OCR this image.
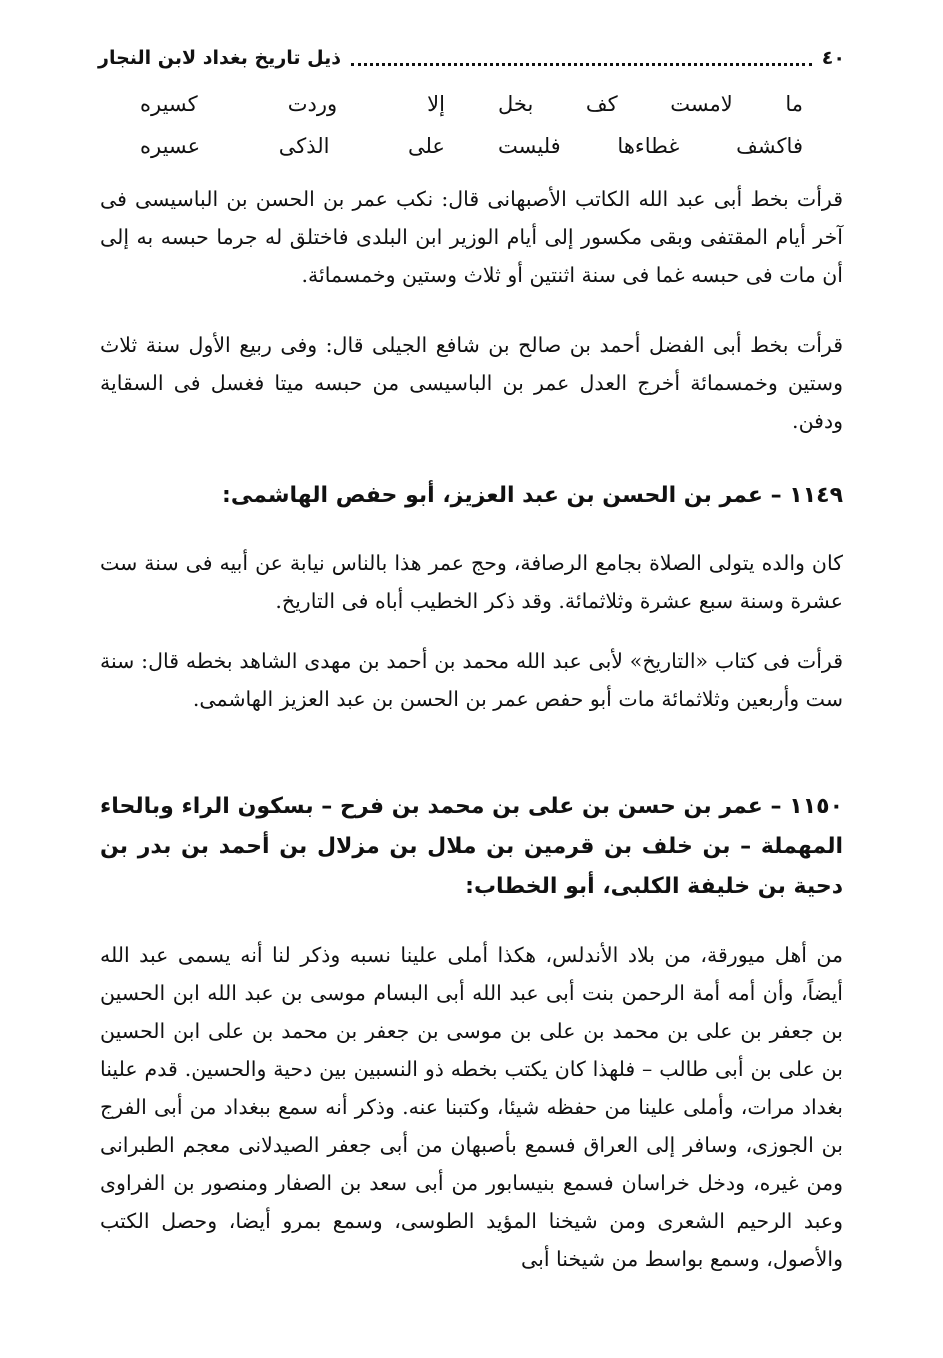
٤٠
ذيل تاريخ بغداد لابن النجار
ما لامست كف بخل
إلا وردت كسيره
فاكشف غطاءها فليست
على الذكى عسيره

قرأت بخط أبى عبد الله الكاتب الأصبهانى قال: نكب عمر بن الحسن بن الباسيسى فى آخر أيام المقتفى وبقى مكسور إلى أيام الوزير ابن البلدى فاختلق له جرما حبسه به إلى أن مات فى حبسه غما فى سنة اثنتين أو ثلاث وستين وخمسمائة.

قرأت بخط أبى الفضل أحمد بن صالح بن شافع الجيلى قال: وفى ربيع الأول سنة ثلاث وستين وخمسمائة أخرج العدل عمر بن الباسيسى من حبسه ميتا فغسل فى السقاية ودفن.

١١٤٩ – عمر بن الحسن بن عبد العزيز، أبو حفص الهاشمى:

كان والده يتولى الصلاة بجامع الرصافة، وحج عمر هذا بالناس نيابة عن أبيه فى سنة ست عشرة وسنة سبع عشرة وثلاثمائة. وقد ذكر الخطيب أباه فى التاريخ.

قرأت فى كتاب «التاريخ» لأبى عبد الله محمد بن أحمد بن مهدى الشاهد بخطه قال: سنة ست وأربعين وثلاثمائة مات أبو حفص عمر بن الحسن بن عبد العزيز الهاشمى.

١١٥٠ – عمر بن حسن بن على بن محمد بن فرح – بسكون الراء وبالحاء المهملة – بن خلف بن قرمين بن ملال بن مزلال بن أحمد بن بدر بن دحية بن خليفة الكلبى، أبو الخطاب:

من أهل ميورقة، من بلاد الأندلس، هكذا أملى علينا نسبه وذكر لنا أنه يسمى عبد الله أيضاً، وأن أمه أمة الرحمن بنت أبى عبد الله أبى البسام موسى بن عبد الله ابن الحسين بن جعفر بن على بن محمد بن على بن موسى بن جعفر بن محمد بن على ابن الحسين بن على بن أبى طالب – فلهذا كان يكتب بخطه ذو النسبين بين دحية والحسين. قدم علينا بغداد مرات، وأملى علينا من حفظه شيئا، وكتبنا عنه. وذكر أنه سمع ببغداد من أبى الفرج بن الجوزى، وسافر إلى العراق فسمع بأصبهان من أبى جعفر الصيدلانى معجم الطبرانى ومن غيره، ودخل خراسان فسمع بنيسابور من أبى سعد بن الصفار ومنصور بن الفراوى وعبد الرحيم الشعرى ومن شيخنا المؤيد الطوسى، وسمع بمرو أيضا، وحصل الكتب والأصول، وسمع بواسط من شيخنا أبى
